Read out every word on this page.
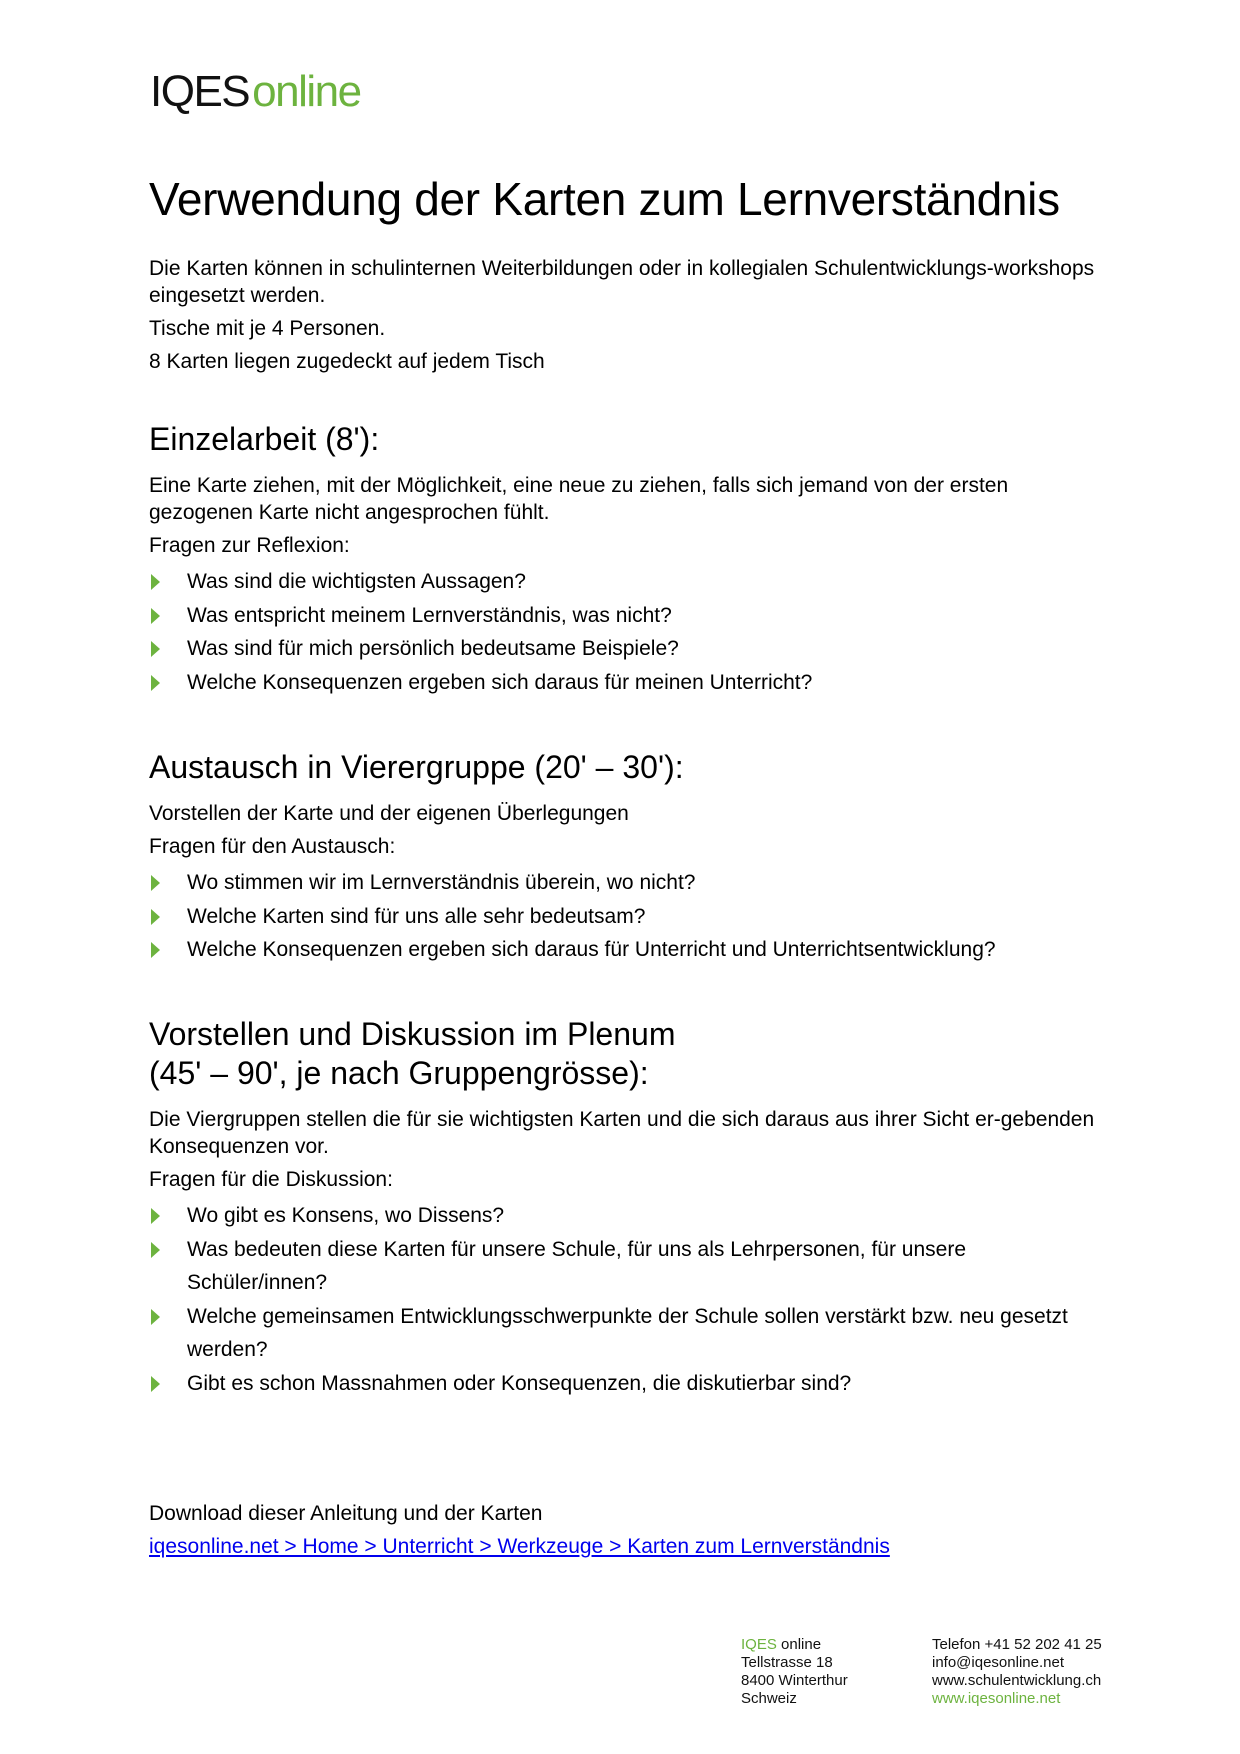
IQESonline
Verwendung der Karten zum Lernverständnis

Die Karten können in schulinternen Weiterbildungen oder in kollegialen Schulentwicklungs-workshops eingesetzt werden.

Tische mit je 4 Personen.

8 Karten liegen zugedeckt auf jedem Tisch

Einzelarbeit (8'):

Eine Karte ziehen, mit der Möglichkeit, eine neue zu ziehen, falls sich jemand von der ersten gezogenen Karte nicht angesprochen fühlt.

Fragen zur Reflexion:

Was sind die wichtigsten Aussagen?
Was entspricht meinem Lernverständnis, was nicht?
Was sind für mich persönlich bedeutsame Beispiele?
Welche Konsequenzen ergeben sich daraus für meinen Unterricht?
Austausch in Vierergruppe (20' – 30'):

Vorstellen der Karte und der eigenen Überlegungen

Fragen für den Austausch:

Wo stimmen wir im Lernverständnis überein, wo nicht?
Welche Karten sind für uns alle sehr bedeutsam?
Welche Konsequenzen ergeben sich daraus für Unterricht und Unterrichtsentwicklung?
Vorstellen und Diskussion im Plenum
(45' – 90', je nach Gruppengrösse):

Die Viergruppen stellen die für sie wichtigsten Karten und die sich daraus aus ihrer Sicht er-gebenden Konsequenzen vor.

Fragen für die Diskussion:

Wo gibt es Konsens, wo Dissens?
Was bedeuten diese Karten für unsere Schule, für uns als Lehrpersonen, für unsere Schüler/innen?
Welche gemeinsamen Entwicklungsschwerpunkte der Schule sollen verstärkt bzw. neu gesetzt werden?
Gibt es schon Massnahmen oder Konsequenzen, die diskutierbar sind?

Download dieser Anleitung und der Karten

iqesonline.net > Home > Unterricht > Werkzeuge > Karten zum Lernverständnis

IQES online
Tellstrasse 18
8400 Winterthur
Schweiz
Telefon +41 52 202 41 25
info@iqesonline.net
www.schulentwicklung.ch
www.iqesonline.net
